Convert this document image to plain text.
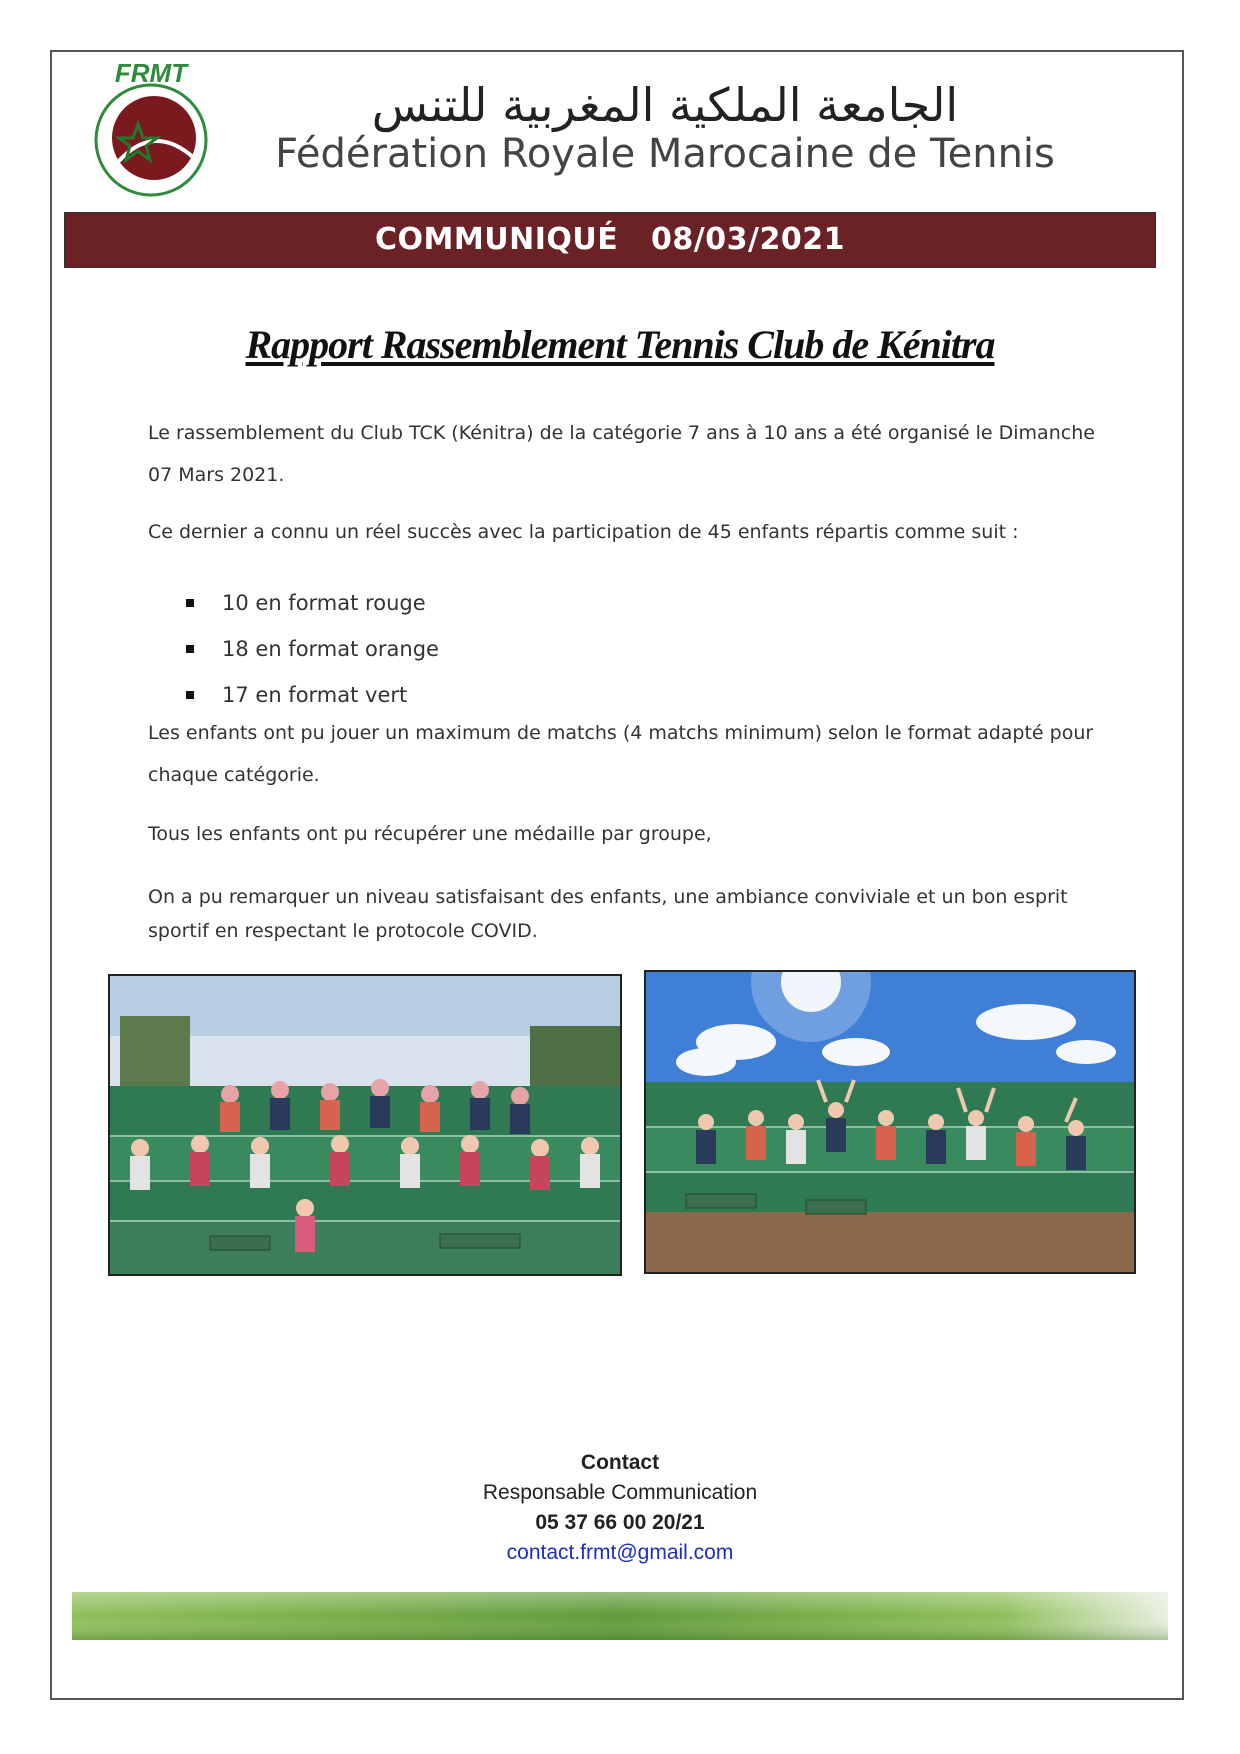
FRMT
الجامعة الملكية المغربية للتنس
Fédération Royale Marocaine de Tennis
COMMUNIQUÉ   08/03/2021
Rapport Rassemblement Tennis Club de Kénitra
Le rassemblement du Club TCK (Kénitra) de la catégorie 7 ans à 10 ans a été organisé le Dimanche 07 Mars 2021.
Ce dernier a connu un réel succès avec la participation de 45 enfants répartis comme suit :
10 en format rouge
18 en format orange
17 en format vert
Les enfants ont pu jouer un maximum de matchs (4 matchs minimum) selon le format adapté pour chaque catégorie.
Tous les enfants ont pu récupérer une médaille par groupe,
On a pu remarquer un niveau satisfaisant des enfants, une ambiance conviviale et un bon esprit sportif en respectant le protocole COVID.
Contact
Responsable Communication
05 37 66 00 20/21
contact.frmt@gmail.com
